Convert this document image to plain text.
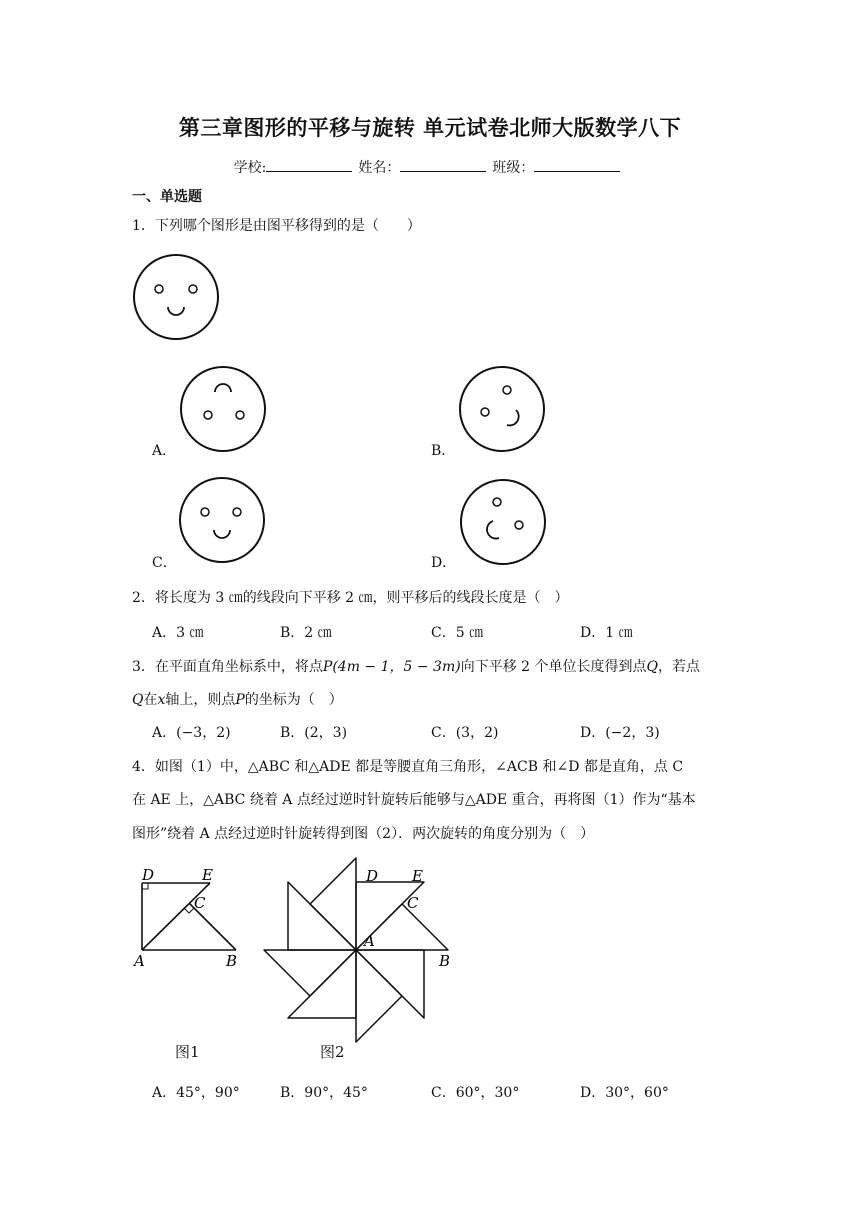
第三章图形的平移与旋转 单元试卷北师大版数学八下
学校:	姓名：	班级：
一、单选题
1．下列哪个图形是由图平移得到的是（　　）
A．	B．
C．	D．
2．将长度为 3 ㎝的线段向下平移 2 ㎝，则平移后的线段长度是（　）
A．3 ㎝	B．2 ㎝	C．5 ㎝	D．1 ㎝
3．在平面直角坐标系中，将点P(4m − 1，5 − 3m)向下平移 2 个单位长度得到点Q，若点
Q在x轴上，则点P的坐标为（　）
A．(−3，2)	B．(2，3)	C．(3，2)	D．(−2，3)
4．如图（1）中，△ABC 和△ADE 都是等腰直角三角形，∠ACB 和∠D 都是直角，点 C
在 AE 上，△ABC 绕着 A 点经过逆时针旋转后能够与△ADE 重合，再将图（1）作为“基本
图形”绕着 A 点经过逆时针旋转得到图（2）．两次旋转的角度分别为（　）
D	E
C
A	B
图1
D E
C
A
B
图2
A．45°，90°	B．90°，45°	C．60°，30°	D．30°，60°
